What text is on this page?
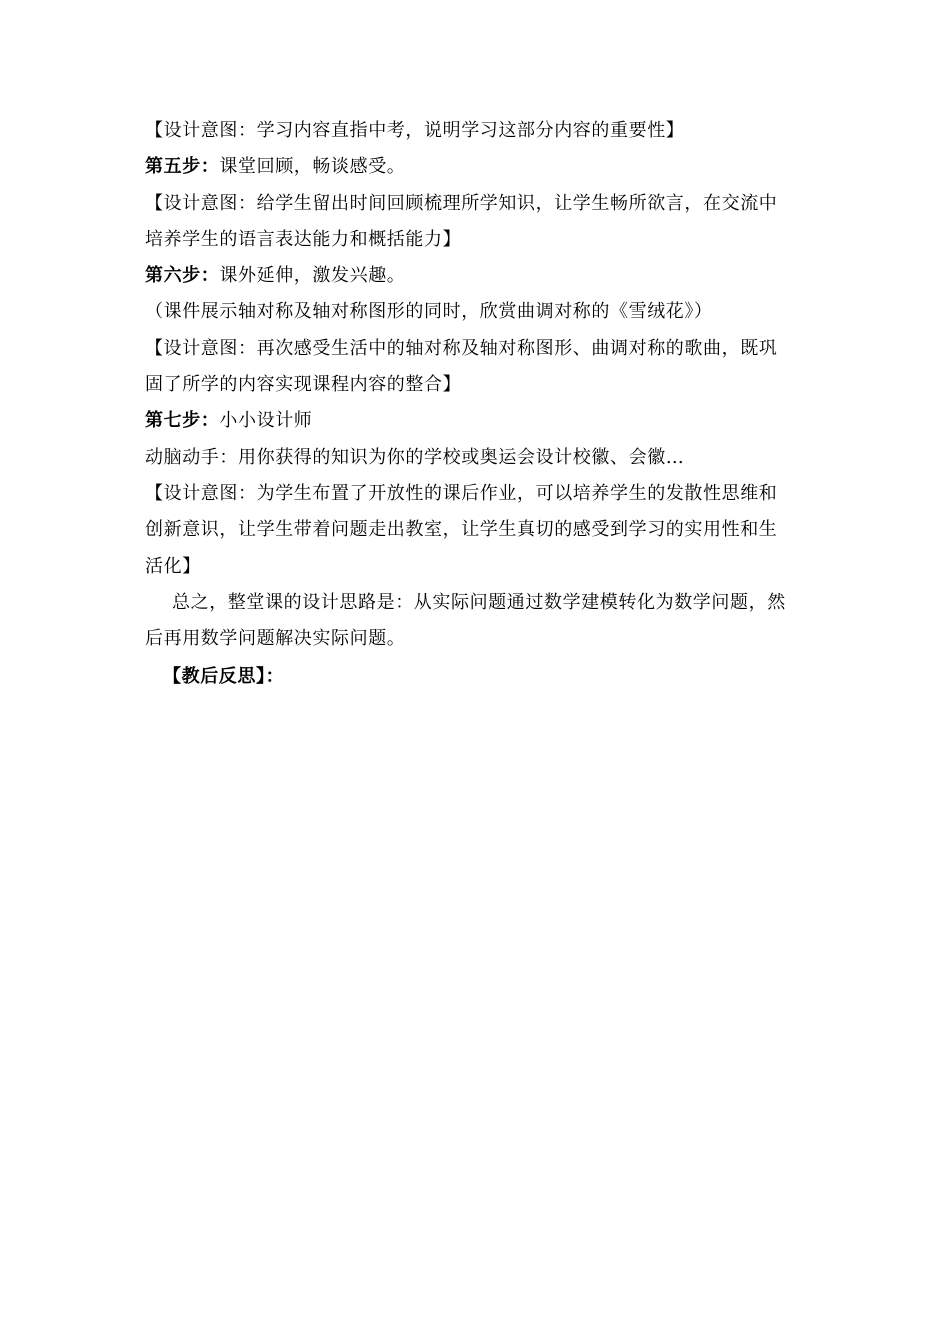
【设计意图：学习内容直指中考，说明学习这部分内容的重要性】
第五步：课堂回顾，畅谈感受。
【设计意图：给学生留出时间回顾梳理所学知识，让学生畅所欲言，在交流中
培养学生的语言表达能力和概括能力】
第六步：课外延伸，激发兴趣。
（课件展示轴对称及轴对称图形的同时，欣赏曲调对称的《雪绒花》）
【设计意图：再次感受生活中的轴对称及轴对称图形、曲调对称的歌曲，既巩
固了所学的内容实现课程内容的整合】
第七步：小小设计师
动脑动手：用你获得的知识为你的学校或奥运会设计校徽、会徽…
【设计意图：为学生布置了开放性的课后作业，可以培养学生的发散性思维和
创新意识，让学生带着问题走出教室，让学生真切的感受到学习的实用性和生
活化】
总之，整堂课的设计思路是：从实际问题通过数学建模转化为数学问题，然
后再用数学问题解决实际问题。
【教后反思】：
